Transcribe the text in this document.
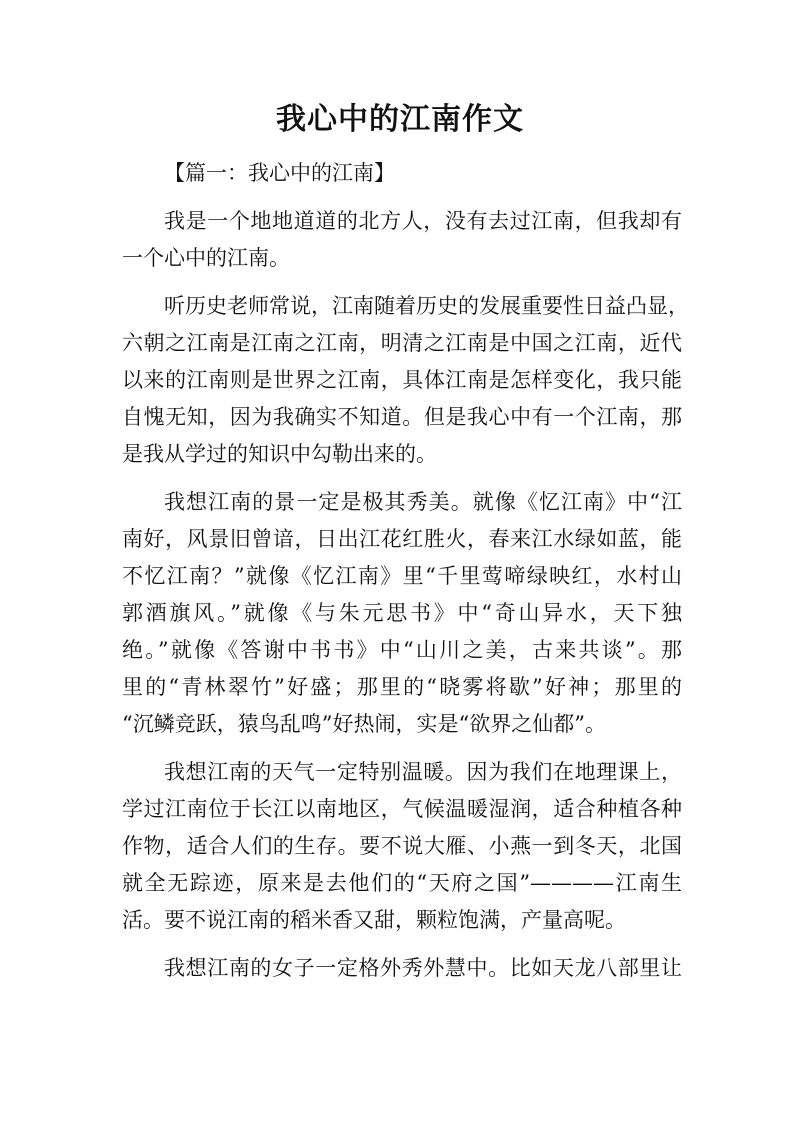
我心中的江南作文
【篇一：我心中的江南】
我是一个地地道道的北方人，没有去过江南，但我却有
一个心中的江南。
听历史老师常说，江南随着历史的发展重要性日益凸显，
六朝之江南是江南之江南，明清之江南是中国之江南，近代
以来的江南则是世界之江南，具体江南是怎样变化，我只能
自愧无知，因为我确实不知道。但是我心中有一个江南，那
是我从学过的知识中勾勒出来的。
我想江南的景一定是极其秀美。就像《忆江南》中“江
南好，风景旧曾谙，日出江花红胜火，春来江水绿如蓝，能
不忆江南？”就像《忆江南》里“千里莺啼绿映红，水村山
郭酒旗风。”就像《与朱元思书》中“奇山异水，天下独
绝。”就像《答谢中书书》中“山川之美，古来共谈”。那
里的“青林翠竹”好盛；那里的“晓雾将歇”好神；那里的
“沉鳞竞跃，猿鸟乱鸣”好热闹，实是“欲界之仙都”。
我想江南的天气一定特别温暖。因为我们在地理课上，
学过江南位于长江以南地区，气候温暖湿润，适合种植各种
作物，适合人们的生存。要不说大雁、小燕一到冬天，北国
就全无踪迹，原来是去他们的“天府之国”————江南生
活。要不说江南的稻米香又甜，颗粒饱满，产量高呢。
我想江南的女子一定格外秀外慧中。比如天龙八部里让
